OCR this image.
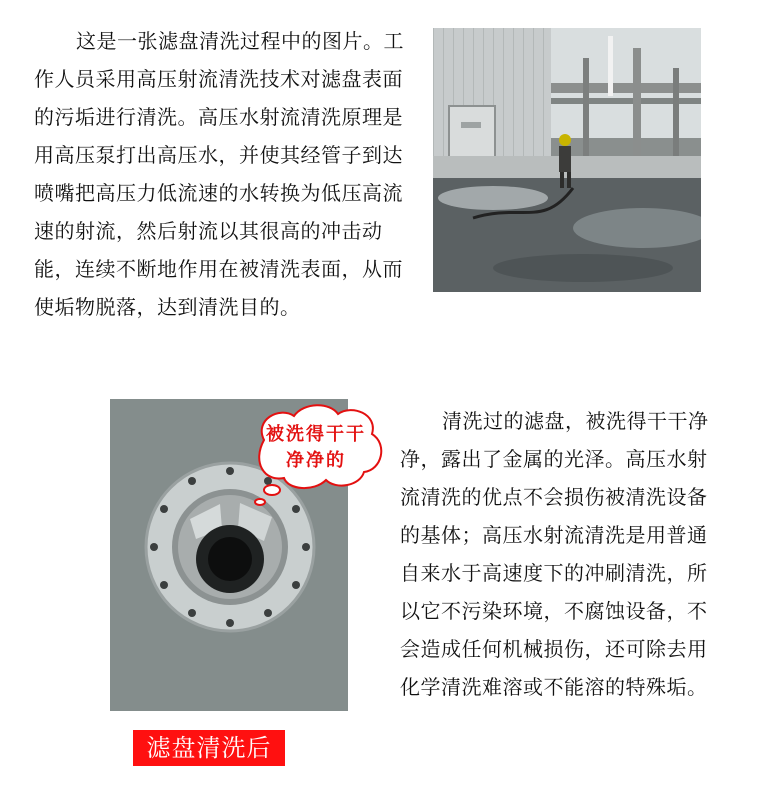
这是一张滤盘清洗过程中的图片。工作人员采用高压射流清洗技术对滤盘表面的污垢进行清洗。高压水射流清洗原理是用高压泵打出高压水，并使其经管子到达喷嘴把高压力低流速的水转换为低压高流速的射流，然后射流以其很高的冲击动能，连续不断地作用在被清洗表面，从而使垢物脱落，达到清洗目的。

被洗得干干净净的

清洗过的滤盘，被洗得干干净净，露出了金属的光泽。高压水射流清洗的优点不会损伤被清洗设备的基体；高压水射流清洗是用普通自来水于高速度下的冲刷清洗，所以它不污染环境，不腐蚀设备，不会造成任何机械损伤，还可除去用化学清洗难溶或不能溶的特殊垢。

滤盘清洗后
